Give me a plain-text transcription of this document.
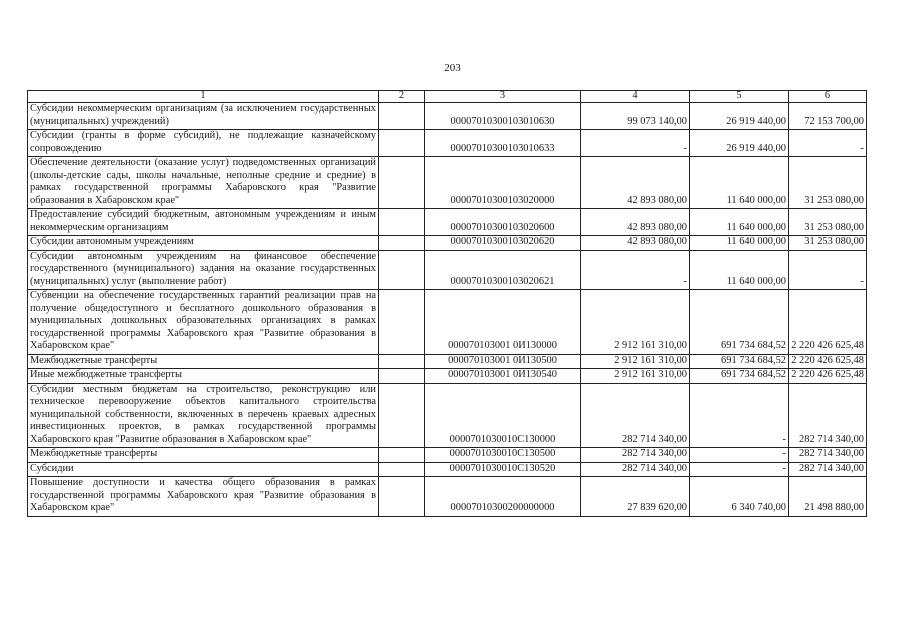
203
1	2	3	4	5	6
Субсидии некоммерческим организациям (за исключением государственных (муниципальных) учреждений)		00007010300103010630	99 073 140,00	26 919 440,00	72 153 700,00
Субсидии (гранты в форме субсидий), не подлежащие казначейскому сопровождению		00007010300103010633	-	26 919 440,00	-
Обеспечение деятельности (оказание услуг) подведомственных организаций (школы-детские сады, школы начальные, неполные средние и средние) в рамках государственной программы Хабаровского края "Развитие образования в Хабаровском крае"		00007010300103020000	42 893 080,00	11 640 000,00	31 253 080,00
Предоставление субсидий бюджетным, автономным учреждениям и иным некоммерческим организациям		00007010300103020600	42 893 080,00	11 640 000,00	31 253 080,00
Субсидии автономным учреждениям		00007010300103020620	42 893 080,00	11 640 000,00	31 253 080,00
Субсидии автономным учреждениям на финансовое обеспечение государственного (муниципального) задания на оказание государственных (муниципальных) услуг (выполнение работ)		00007010300103020621	-	11 640 000,00	-
Субвенции на обеспечение государственных гарантий реализации прав на получение общедоступного и бесплатного дошкольного образования в муниципальных дошкольных образовательных организациях в рамках государственной программы Хабаровского края "Развитие образования в Хабаровском крае"		000070103001 0И130000	2 912 161 310,00	691 734 684,52	2 220 426 625,48
Межбюджетные трансферты		000070103001 0И130500	2 912 161 310,00	691 734 684,52	2 220 426 625,48
Иные межбюджетные трансферты		000070103001 0И130540	2 912 161 310,00	691 734 684,52	2 220 426 625,48
Субсидии местным бюджетам на строительство, реконструкцию или техническое перевооружение объектов капитального строительства муниципальной собственности, включенных в перечень краевых адресных инвестиционных проектов, в рамках государственной программы Хабаровского края "Развитие образования в Хабаровском крае"		0000701030010С130000	282 714 340,00	-	282 714 340,00
Межбюджетные трансферты		0000701030010С130500	282 714 340,00	-	282 714 340,00
Субсидии		0000701030010С130520	282 714 340,00	-	282 714 340,00
Повышение доступности и качества общего образования в рамках государственной программы Хабаровского края "Развитие образования в Хабаровском крае"		00007010300200000000	27 839 620,00	6 340 740,00	21 498 880,00
